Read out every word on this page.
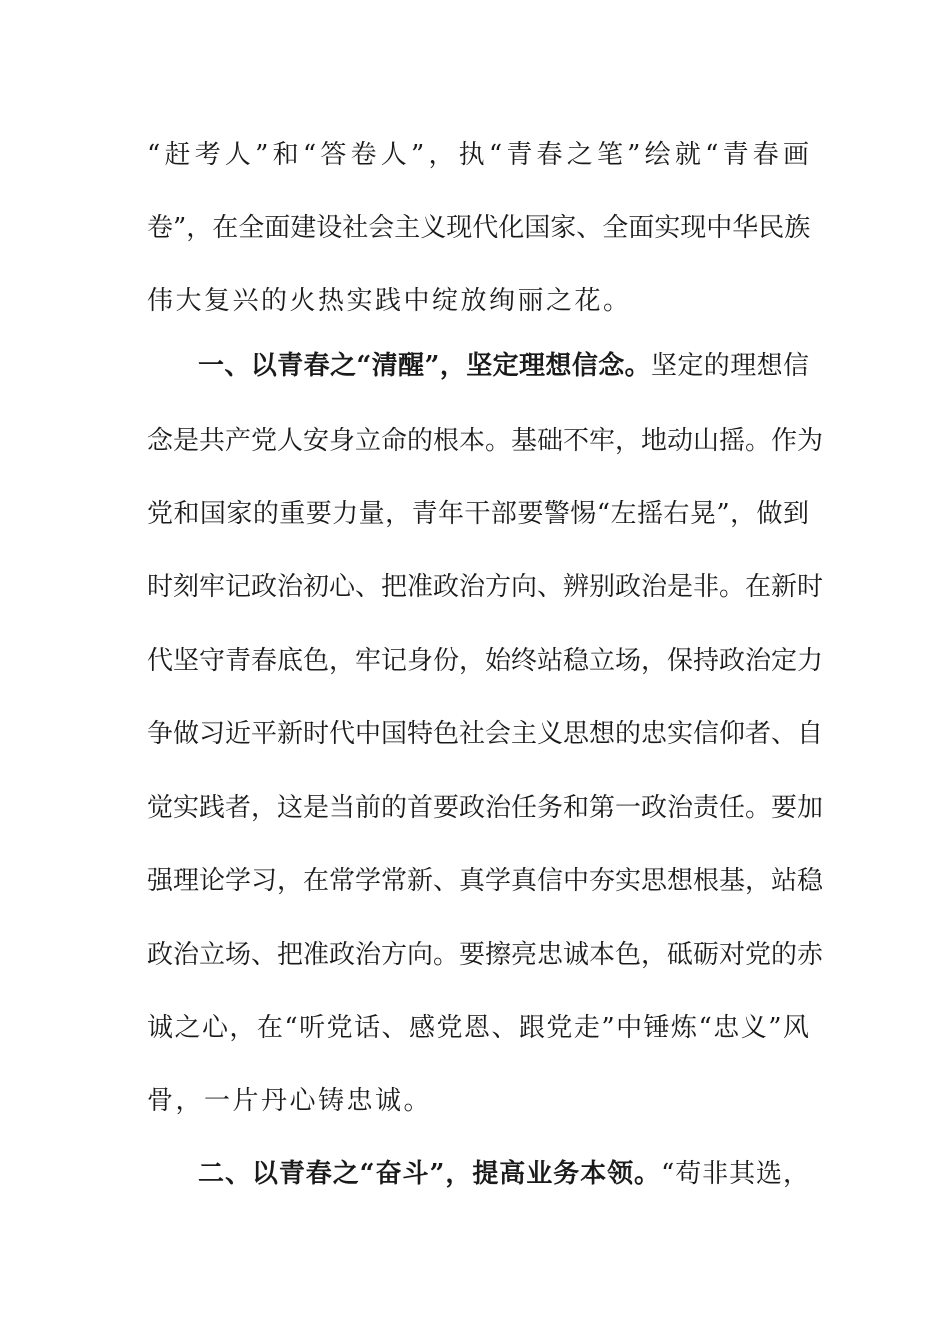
“赶考人”和“答卷人”，执“青春之笔”绘就“青春画
卷”，在全面建设社会主义现代化国家、全面实现中华民族
伟大复兴的火热实践中绽放绚丽之花。
一、以青春之“清醒”，坚定理想信念。坚定的理想信
念是共产党人安身立命的根本。基础不牢，地动山摇。作为
党和国家的重要力量，青年干部要警惕“左摇右晃”，做到
时刻牢记政治初心、把准政治方向、辨别政治是非。在新时
代坚守青春底色，牢记身份，始终站稳立场，保持政治定力
争做习近平新时代中国特色社会主义思想的忠实信仰者、自
觉实践者，这是当前的首要政治任务和第一政治责任。要加
强理论学习，在常学常新、真学真信中夯实思想根基，站稳
政治立场、把准政治方向。要擦亮忠诚本色，砥砺对党的赤
诚之心，在“听党话、感党恩、跟党走”中锤炼“忠义”风
骨，一片丹心铸忠诚。
二、以青春之“奋斗”，提高业务本领。“苟非其选，
